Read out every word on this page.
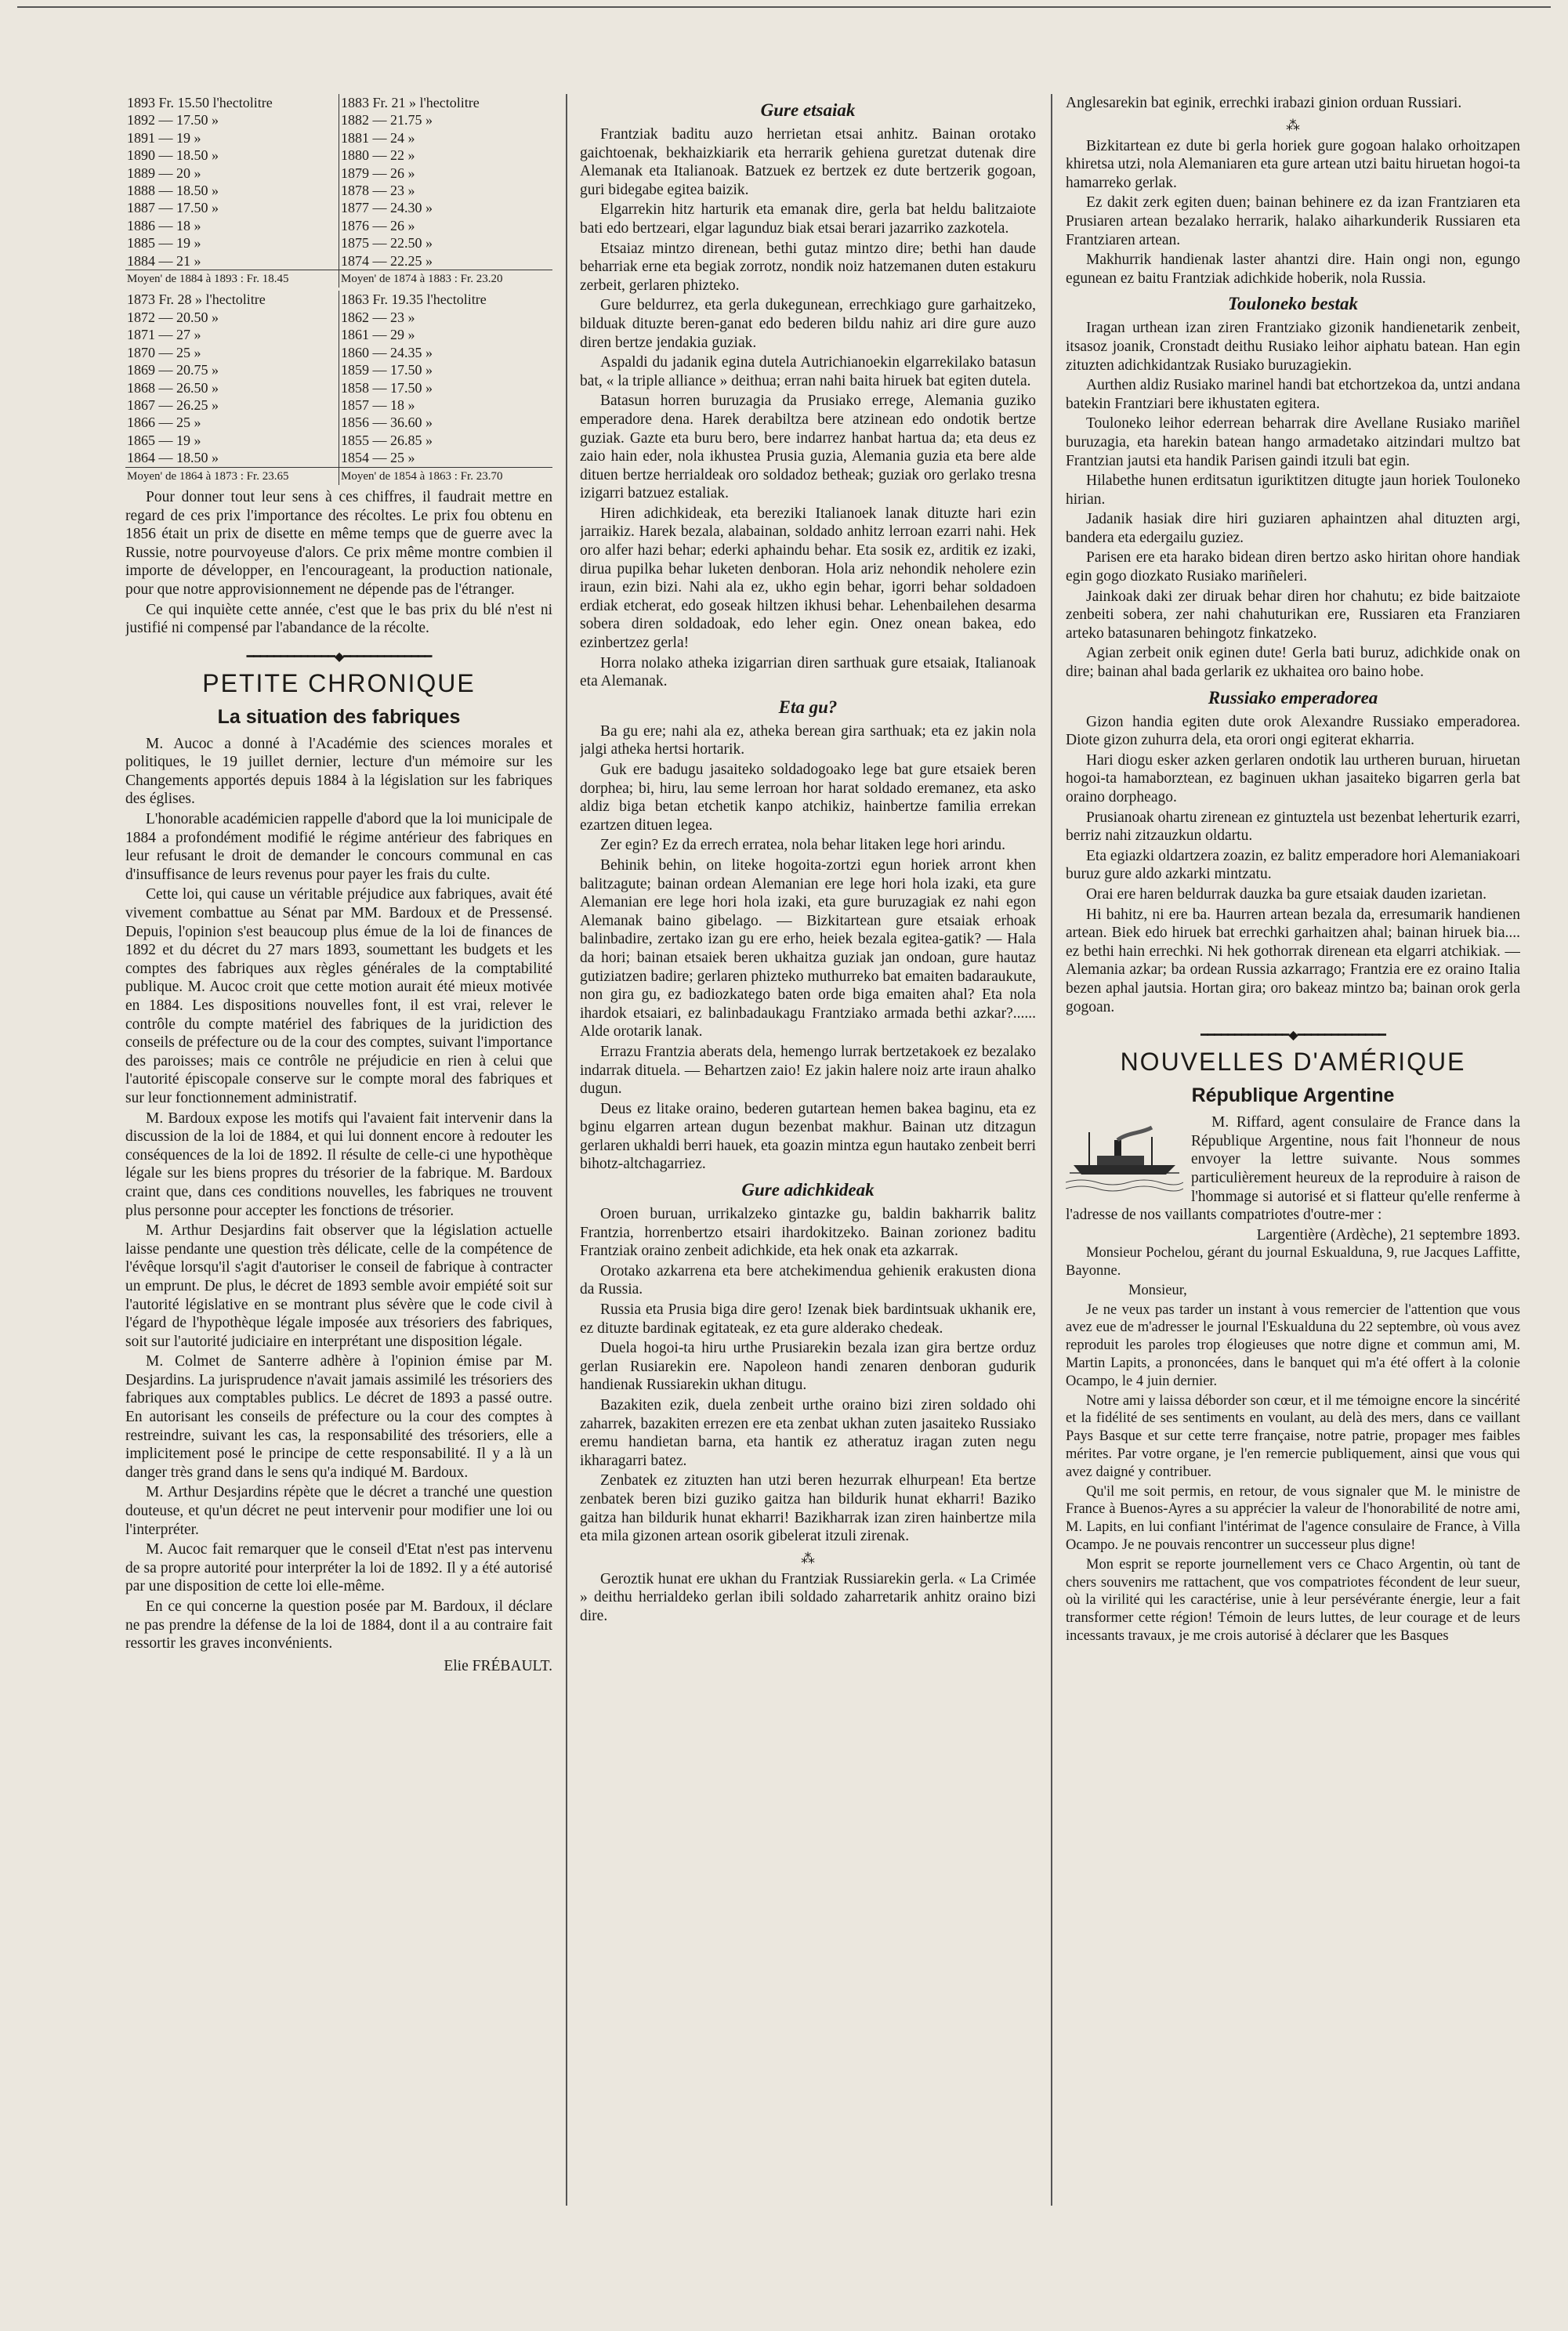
1893 Fr. 15.50 l'hectolitre	1883 Fr. 21 » l'hectolitre
1892 — 17.50 »	1882 — 21.75 »
1891 — 19 »	1881 — 24 »
1890 — 18.50 »	1880 — 22 »
1889 — 20 »	1879 — 26 »
1888 — 18.50 »	1878 — 23 »
1887 — 17.50 »	1877 — 24.30 »
1886 — 18 »	1876 — 26 »
1885 — 19 »	1875 — 22.50 »
1884 — 21 »	1874 — 22.25 »
Moyen' de 1884 à 1893 : Fr. 18.45	Moyen' de 1874 à 1883 : Fr. 23.20
1873 Fr. 28 » l'hectolitre	1863 Fr. 19.35 l'hectolitre
1872 — 20.50 »	1862 — 23 »
1871 — 27 »	1861 — 29 »
1870 — 25 »	1860 — 24.35 »
1869 — 20.75 »	1859 — 17.50 »
1868 — 26.50 »	1858 — 17.50 »
1867 — 26.25 »	1857 — 18 »
1866 — 25 »	1856 — 36.60 »
1865 — 19 »	1855 — 26.85 »
1864 — 18.50 »	1854 — 25 »
Moyen' de 1864 à 1873 : Fr. 23.65	Moyen' de 1854 à 1863 : Fr. 23.70

Pour donner tout leur sens à ces chiffres, il faudrait mettre en regard de ces prix l'importance des récoltes. Le prix fou obtenu en 1856 était un prix de disette en même temps que de guerre avec la Russie, notre pourvoyeuse d'alors. Ce prix même montre combien il importe de développer, en l'encourageant, la production nationale, pour que notre approvisionnement ne dépende pas de l'étranger.

Ce qui inquiète cette année, c'est que le bas prix du blé n'est ni justifié ni compensé par l'abandance de la récolte.

━━━━━━━━━━━━━◆━━━━━━━━━━━━━
PETITE CHRONIQUE
La situation des fabriques

M. Aucoc a donné à l'Académie des sciences morales et politiques, le 19 juillet dernier, lecture d'un mémoire sur les Changements apportés depuis 1884 à la législation sur les fabriques des églises.

L'honorable académicien rappelle d'abord que la loi municipale de 1884 a profondément modifié le régime antérieur des fabriques en leur refusant le droit de demander le concours communal en cas d'insuffisance de leurs revenus pour payer les frais du culte.

Cette loi, qui cause un véritable préjudice aux fabriques, avait été vivement combattue au Sénat par MM. Bardoux et de Pressensé. Depuis, l'opinion s'est beaucoup plus émue de la loi de finances de 1892 et du décret du 27 mars 1893, soumettant les budgets et les comptes des fabriques aux règles générales de la comptabilité publique. M. Aucoc croit que cette motion aurait été mieux motivée en 1884. Les dispositions nouvelles font, il est vrai, relever le contrôle du compte matériel des fabriques de la juridiction des conseils de préfecture ou de la cour des comptes, suivant l'importance des paroisses; mais ce contrôle ne préjudicie en rien à celui que l'autorité épiscopale conserve sur le compte moral des fabriques et sur leur fonctionnement administratif.

M. Bardoux expose les motifs qui l'avaient fait intervenir dans la discussion de la loi de 1884, et qui lui donnent encore à redouter les conséquences de la loi de 1892. Il résulte de celle-ci une hypothèque légale sur les biens propres du trésorier de la fabrique. M. Bardoux craint que, dans ces conditions nouvelles, les fabriques ne trouvent plus personne pour accepter les fonctions de trésorier.

M. Arthur Desjardins fait observer que la législation actuelle laisse pendante une question très délicate, celle de la compétence de l'évêque lorsqu'il s'agit d'autoriser le conseil de fabrique à contracter un emprunt. De plus, le décret de 1893 semble avoir empiété soit sur l'autorité législative en se montrant plus sévère que le code civil à l'égard de l'hypothèque légale imposée aux trésoriers des fabriques, soit sur l'autorité judiciaire en interprétant une disposition légale.

M. Colmet de Santerre adhère à l'opinion émise par M. Desjardins. La jurisprudence n'avait jamais assimilé les trésoriers des fabriques aux comptables publics. Le décret de 1893 a passé outre. En autorisant les conseils de préfecture ou la cour des comptes à restreindre, suivant les cas, la responsabilité des trésoriers, elle a implicitement posé le principe de cette responsabilité. Il y a là un danger très grand dans le sens qu'a indiqué M. Bardoux.

M. Arthur Desjardins répète que le décret a tranché une question douteuse, et qu'un décret ne peut intervenir pour modifier une loi ou l'interpréter.

M. Aucoc fait remarquer que le conseil d'Etat n'est pas intervenu de sa propre autorité pour interpréter la loi de 1892. Il y a été autorisé par une disposition de cette loi elle-même.

En ce qui concerne la question posée par M. Bardoux, il déclare ne pas prendre la défense de la loi de 1884, dont il a au contraire fait ressortir les graves inconvénients.

Elie FRÉBAULT.
Gure etsaiak

Frantziak baditu auzo herrietan etsai anhitz. Bainan orotako gaichtoenak, bekhaizkiarik eta herrarik gehiena guretzat dutenak dire Alemanak eta Italianoak. Batzuek ez bertzek ez dute bertzerik gogoan, guri bidegabe egitea baizik.

Elgarrekin hitz harturik eta emanak dire, gerla bat heldu balitzaiote bati edo bertzeari, elgar lagunduz biak etsai berari jazarriko zazkotela.

Etsaiaz mintzo direnean, bethi gutaz mintzo dire; bethi han daude beharriak erne eta begiak zorrotz, nondik noiz hatzemanen duten estakuru zerbeit, gerlaren phizteko.

Gure beldurrez, eta gerla dukegunean, errechkiago gure garhaitzeko, bilduak dituzte beren-ganat edo bederen bildu nahiz ari dire gure auzo diren bertze jendakia guziak.

Aspaldi du jadanik egina dutela Autrichianoekin elgarrekilako batasun bat, « la triple alliance » deithua; erran nahi baita hiruek bat egiten dutela.

Batasun horren buruzagia da Prusiako errege, Alemania guziko emperadore dena. Harek derabiltza bere atzinean edo ondotik bertze guziak. Gazte eta buru bero, bere indarrez hanbat hartua da; eta deus ez zaio hain eder, nola ikhustea Prusia guzia, Alemania guzia eta bere alde dituen bertze herrialdeak oro soldadoz betheak; guziak oro gerlako tresna izigarri batzuez estaliak.

Hiren adichkideak, eta bereziki Italianoek lanak dituzte hari ezin jarraikiz. Harek bezala, alabainan, soldado anhitz lerroan ezarri nahi. Hek oro alfer hazi behar; ederki aphaindu behar. Eta sosik ez, arditik ez izaki, dirua pupilka behar luketen denboran. Hola ariz nehondik neholere ezin iraun, ezin bizi. Nahi ala ez, ukho egin behar, igorri behar soldadoen erdiak etcherat, edo goseak hiltzen ikhusi behar. Lehenbailehen desarma sobera diren soldadoak, edo leher egin. Onez onean bakea, edo ezinbertzez gerla!

Horra nolako atheka izigarrian diren sarthuak gure etsaiak, Italianoak eta Alemanak.

Eta gu?

Ba gu ere; nahi ala ez, atheka berean gira sarthuak; eta ez jakin nola jalgi atheka hertsi hortarik.

Guk ere badugu jasaiteko soldadogoako lege bat gure etsaiek beren dorphea; bi, hiru, lau seme lerroan hor harat soldado eremanez, eta asko aldiz biga betan etchetik kanpo atchikiz, hainbertze familia errekan ezartzen dituen legea.

Zer egin? Ez da errech erratea, nola behar litaken lege hori arindu.

Behinik behin, on liteke hogoita-zortzi egun horiek arront khen balitzagute; bainan ordean Alemanian ere lege hori hola izaki, eta gure Alemanian ere lege hori hola izaki, eta gure buruzagiak ez nahi egon Alemanak baino gibelago. — Bizkitartean gure etsaiak erhoak balinbadire, zertako izan gu ere erho, heiek bezala egitea-gatik? — Hala da hori; bainan etsaiek beren ukhaitza guziak jan ondoan, gure hautaz gutiziatzen badire; gerlaren phizteko muthurreko bat emaiten badaraukute, non gira gu, ez badiozkatego baten orde biga emaiten ahal? Eta nola ihardok etsaiari, ez balinbadaukagu Frantziako armada bethi azkar?...... Alde orotarik lanak.

Errazu Frantzia aberats dela, hemengo lurrak bertzetakoek ez bezalako indarrak dituela. — Behartzen zaio! Ez jakin halere noiz arte iraun ahalko dugun.

Deus ez litake oraino, bederen gutartean hemen bakea baginu, eta ez bginu elgarren artean dugun bezenbat makhur. Bainan utz ditzagun gerlaren ukhaldi berri hauek, eta goazin mintza egun hautako zenbeit berri bihotz-altchagarriez.

Gure adichkideak

Oroen buruan, urrikalzeko gintazke gu, baldin bakharrik balitz Frantzia, horrenbertzo etsairi ihardokitzeko. Bainan zorionez baditu Frantziak oraino zenbeit adichkide, eta hek onak eta azkarrak.

Orotako azkarrena eta bere atchekimendua gehienik erakusten diona da Russia.

Russia eta Prusia biga dire gero! Izenak biek bardintsuak ukhanik ere, ez dituzte bardinak egitateak, ez eta gure alderako chedeak.

Duela hogoi-ta hiru urthe Prusiarekin bezala izan gira bertze orduz gerlan Rusiarekin ere. Napoleon handi zenaren denboran gudurik handienak Russiarekin ukhan ditugu.

Bazakiten ezik, duela zenbeit urthe oraino bizi ziren soldado ohi zaharrek, bazakiten errezen ere eta zenbat ukhan zuten jasaiteko Russiako eremu handietan barna, eta hantik ez atheratuz iragan zuten negu ikharagarri batez.

Zenbatek ez zituzten han utzi beren hezurrak elhurpean! Eta bertze zenbatek beren bizi guziko gaitza han bildurik hunat ekharri! Baziko gaitza han bildurik hunat ekharri! Bazikharrak izan ziren hainbertze mila eta mila gizonen artean osorik gibelerat itzuli zirenak.

⁂

Geroztik hunat ere ukhan du Frantziak Russiarekin gerla. « La Crimée » deithu herrialdeko gerlan ibili soldado zaharretarik anhitz oraino bizi dire.

Anglesarekin bat eginik, errechki irabazi ginion orduan Russiari.

⁂

Bizkitartean ez dute bi gerla horiek gure gogoan halako orhoitzapen khiretsa utzi, nola Alemaniaren eta gure artean utzi baitu hiruetan hogoi-ta hamarreko gerlak.

Ez dakit zerk egiten duen; bainan behinere ez da izan Frantziaren eta Prusiaren artean bezalako herrarik, halako aiharkunderik Russiaren eta Frantziaren artean.

Makhurrik handienak laster ahantzi dire. Hain ongi non, egungo egunean ez baitu Frantziak adichkide hoberik, nola Russia.

Touloneko bestak

Iragan urthean izan ziren Frantziako gizonik handienetarik zenbeit, itsasoz joanik, Cronstadt deithu Rusiako leihor aiphatu batean. Han egin zituzten adichkidantzak Rusiako buruzagiekin.

Aurthen aldiz Rusiako marinel handi bat etchortzekoa da, untzi andana batekin Frantziari bere ikhustaten egitera.

Touloneko leihor ederrean beharrak dire Avellane Rusiako mariñel buruzagia, eta harekin batean hango armadetako aitzindari multzo bat Frantzian jautsi eta handik Parisen gaindi itzuli bat egin.

Hilabethe hunen erditsatun iguriktitzen ditugte jaun horiek Touloneko hirian.

Jadanik hasiak dire hiri guziaren aphaintzen ahal dituzten argi, bandera eta edergailu guziez.

Parisen ere eta harako bidean diren bertzo asko hiritan ohore handiak egin gogo diozkato Rusiako mariñeleri.

Jainkoak daki zer diruak behar diren hor chahutu; ez bide baitzaiote zenbeiti sobera, zer nahi chahuturikan ere, Russiaren eta Franziaren arteko batasunaren behingotz finkatzeko.

Agian zerbeit onik eginen dute! Gerla bati buruz, adichkide onak on dire; bainan ahal bada gerlarik ez ukhaitea oro baino hobe.

Russiako emperadorea

Gizon handia egiten dute orok Alexandre Russiako emperadorea. Diote gizon zuhurra dela, eta orori ongi egiterat ekharria.

Hari diogu esker azken gerlaren ondotik lau urtheren buruan, hiruetan hogoi-ta hamaborztean, ez baginuen ukhan jasaiteko bigarren gerla bat oraino dorpheago.

Prusianoak ohartu zirenean ez gintuztela ust bezenbat leherturik ezarri, berriz nahi zitzauzkun oldartu.

Eta egiazki oldartzera zoazin, ez balitz emperadore hori Alemaniakoari buruz gure aldo azkarki mintzatu.

Orai ere haren beldurrak dauzka ba gure etsaiak dauden izarietan.

Hi bahitz, ni ere ba. Haurren artean bezala da, erresumarik handienen artean. Biek edo hiruek bat errechki garhaitzen ahal; bainan hiruek bia.... ez bethi hain errechki. Ni hek gothorrak direnean eta elgarri atchikiak. — Alemania azkar; ba ordean Russia azkarrago; Frantzia ere ez oraino Italia bezen aphal jautsia. Hortan gira; oro bakeaz mintzo ba; bainan orok gerla gogoan.

━━━━━━━━━━━━━◆━━━━━━━━━━━━━
NOUVELLES D'AMÉRIQUE
République Argentine

M. Riffard, agent consulaire de France dans la République Argentine, nous fait l'honneur de nous envoyer la lettre suivante. Nous sommes particulièrement heureux de la reproduire à raison de l'hommage si autorisé et si flatteur qu'elle renferme à l'adresse de nos vaillants compatriotes d'outre-mer :

Largentière (Ardèche), 21 septembre 1893.

Monsieur Pochelou, gérant du journal Eskualduna, 9, rue Jacques Laffitte, Bayonne.

Monsieur,

Je ne veux pas tarder un instant à vous remercier de l'attention que vous avez eue de m'adresser le journal l'Eskualduna du 22 septembre, où vous avez reproduit les paroles trop élogieuses que notre digne et commun ami, M. Martin Lapits, a prononcées, dans le banquet qui m'a été offert à la colonie Ocampo, le 4 juin dernier.

Notre ami y laissa déborder son cœur, et il me témoigne encore la sincérité et la fidélité de ses sentiments en voulant, au delà des mers, dans ce vaillant Pays Basque et sur cette terre française, notre patrie, propager mes faibles mérites. Par votre organe, je l'en remercie publiquement, ainsi que vous qui avez daigné y contribuer.

Qu'il me soit permis, en retour, de vous signaler que M. le ministre de France à Buenos-Ayres a su apprécier la valeur de l'honorabilité de notre ami, M. Lapits, en lui confiant l'intérimat de l'agence consulaire de France, à Villa Ocampo. Je ne pouvais rencontrer un successeur plus digne!

Mon esprit se reporte journellement vers ce Chaco Argentin, où tant de chers souvenirs me rattachent, que vos compatriotes fécondent de leur sueur, où la virilité qui les caractérise, unie à leur persévérante énergie, leur a fait transformer cette région! Témoin de leurs luttes, de leur courage et de leurs incessants travaux, je me crois autorisé à déclarer que les Basques
